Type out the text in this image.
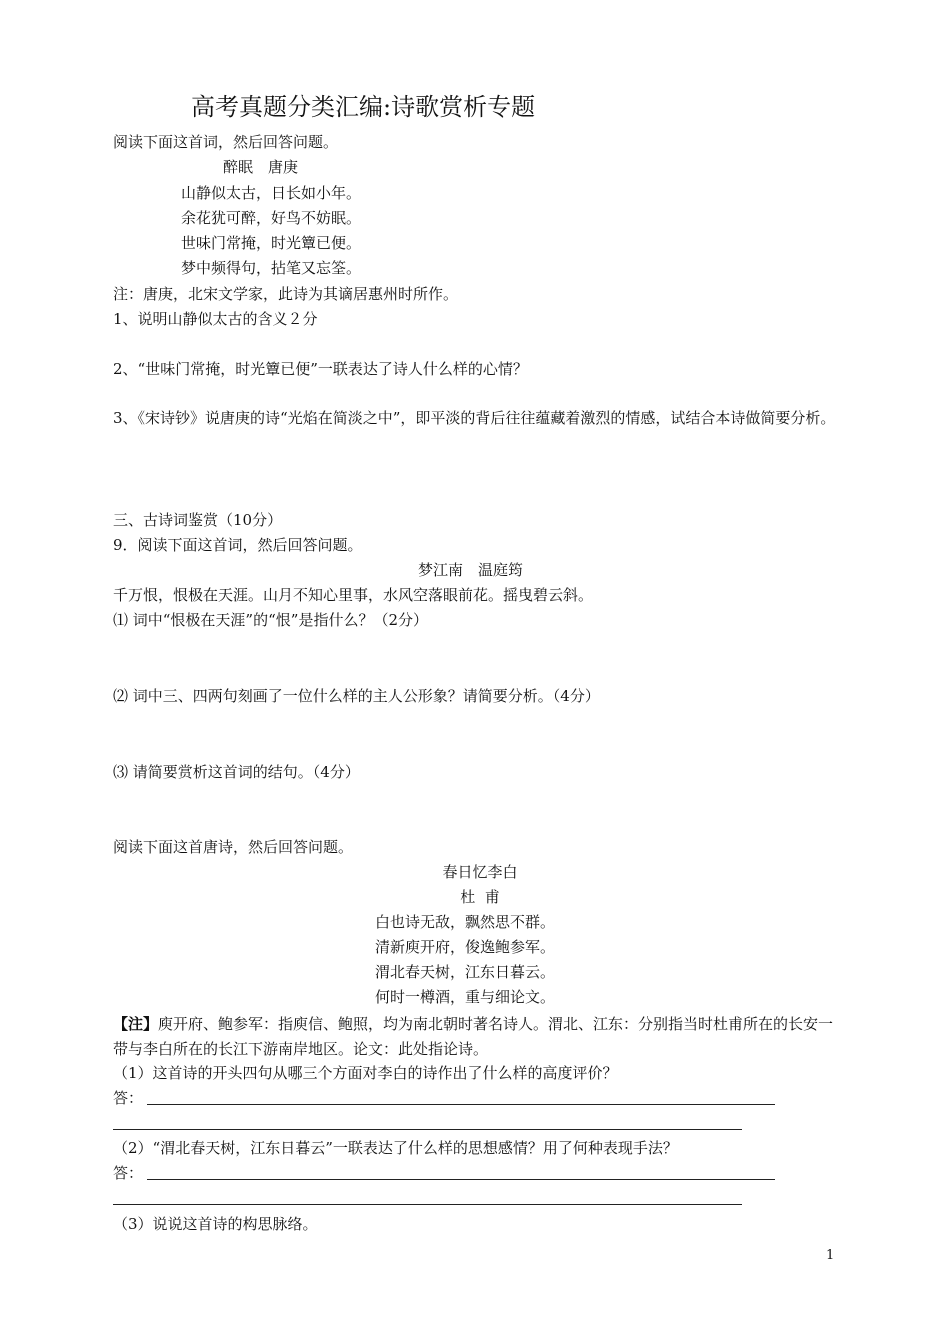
高考真题分类汇编:诗歌赏析专题
阅读下面这首词，然后回答问题。
醉眠　唐庚
山静似太古，日长如小年。
余花犹可醉，好鸟不妨眠。
世味门常掩，时光簟已便。
梦中频得句，拈笔又忘筌。
注：唐庚，北宋文学家，此诗为其谪居惠州时所作。
1、说明山静似太古的含义２分
2、“世味门常掩，时光簟已便”一联表达了诗人什么样的心情？
3、《宋诗钞》说唐庚的诗“光焰在简淡之中”，即平淡的背后往往蕴藏着激烈的情感，试结合本诗做简要分析。
三、古诗词鉴赏（10分）
9．阅读下面这首词，然后回答问题。
梦江南　温庭筠
千万恨，恨极在天涯。山月不知心里事，水风空落眼前花。摇曳碧云斜。
⑴ 词中“恨极在天涯”的“恨”是指什么？（2分）
⑵ 词中三、四两句刻画了一位什么样的主人公形象？请简要分析。（4分）
⑶ 请简要赏析这首词的结句。（4分）
阅读下面这首唐诗，然后回答问题。
春日忆李白
杜  甫
白也诗无敌，飘然思不群。
清新庾开府，俊逸鲍参军。
渭北春天树，江东日暮云。
何时一樽酒，重与细论文。
【注】庾开府、鲍参军：指庾信、鲍照，均为南北朝时著名诗人。渭北、江东：分别指当时杜甫所在的长安一带与李白所在的长江下游南岸地区。论文：此处指论诗。
（1）这首诗的开头四句从哪三个方面对李白的诗作出了什么样的高度评价？
答：
（2）“渭北春天树，江东日暮云”一联表达了什么样的思想感情？用了何种表现手法？
答：
（3）说说这首诗的构思脉络。
1
